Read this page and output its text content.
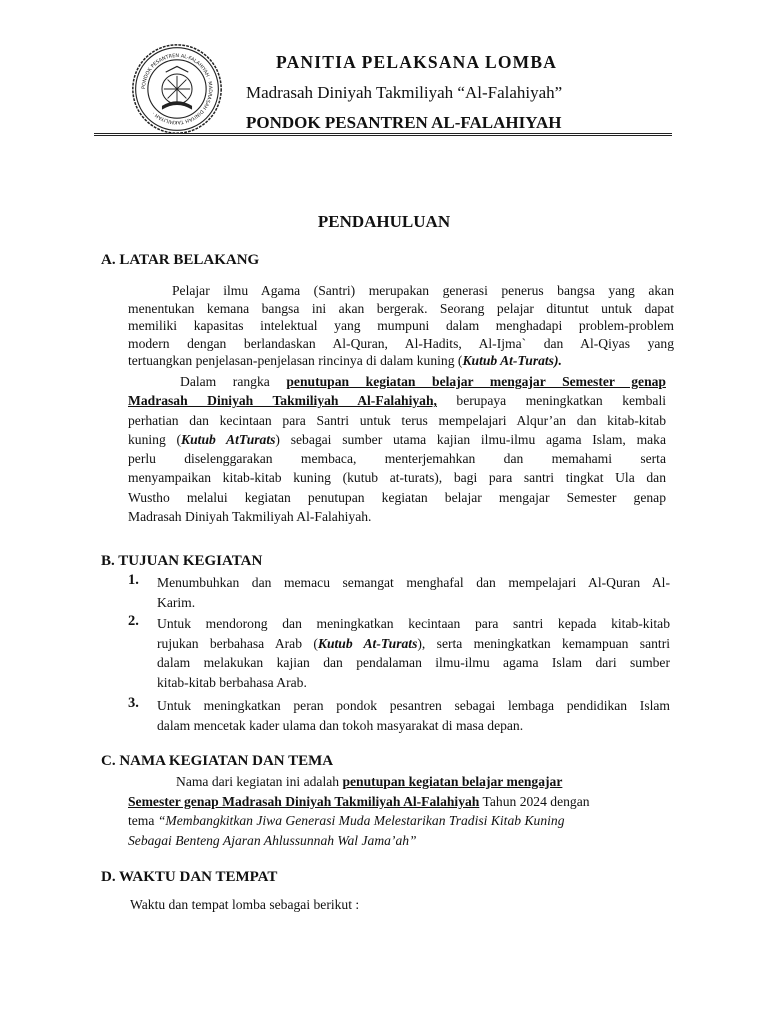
PONDOK PESANTREN AL-FALAHIYAH · MADRASAH DINIYAH TAKMILIYAH ·
PANITIA PELAKSANA LOMBA
Madrasah Diniyah Takmiliyah “Al-Falahiyah”
PONDOK PESANTREN AL-FALAHIYAH
PENDAHULUAN
A. LATAR BELAKANG
Pelajar ilmu Agama (Santri) merupakan generasi penerus bangsa yang akan
menentukan kemana bangsa ini akan bergerak. Seorang pelajar dituntut untuk dapat
memiliki kapasitas intelektual yang mumpuni dalam menghadapi problem-problem
modern dengan berlandaskan Al-Quran, Al-Hadits, Al-Ijma` dan Al-Qiyas yang
tertuangkan penjelasan-penjelasan rincinya di dalam kuning (Kutub At-Turats).
Dalam rangka penutupan kegiatan belajar mengajar Semester genap
Madrasah Diniyah Takmiliyah Al-Falahiyah, berupaya meningkatkan kembali
perhatian dan kecintaan para Santri untuk terus mempelajari Alqur’an dan kitab-kitab
kuning (Kutub AtTurats) sebagai sumber utama kajian ilmu-ilmu agama Islam, maka
perlu diselenggarakan membaca, menterjemahkan dan memahami serta
menyampaikan kitab-kitab kuning (kutub at-turats), bagi para santri tingkat Ula dan
Wustho melalui kegiatan penutupan kegiatan belajar mengajar Semester genap
Madrasah Diniyah Takmiliyah Al-Falahiyah.
B. TUJUAN KEGIATAN
1. Menumbuhkan dan memacu semangat menghafal dan mempelajari Al-Quran Al-
Karim.
2. Untuk mendorong dan meningkatkan kecintaan para santri kepada kitab-kitab
rujukan berbahasa Arab (Kutub At-Turats), serta meningkatkan kemampuan santri
dalam melakukan kajian dan pendalaman ilmu-ilmu agama Islam dari sumber
kitab-kitab berbahasa Arab.
3. Untuk meningkatkan peran pondok pesantren sebagai lembaga pendidikan Islam
dalam mencetak kader ulama dan tokoh masyarakat di masa depan.
C. NAMA KEGIATAN DAN TEMA
Nama dari kegiatan ini adalah penutupan kegiatan belajar mengajar
Semester genap Madrasah Diniyah Takmiliyah Al-Falahiyah Tahun 2024 dengan
tema “Membangkitkan Jiwa Generasi Muda Melestarikan Tradisi Kitab Kuning
Sebagai Benteng Ajaran Ahlussunnah Wal Jama’ah”
D. WAKTU DAN TEMPAT
Waktu dan tempat lomba sebagai berikut :
